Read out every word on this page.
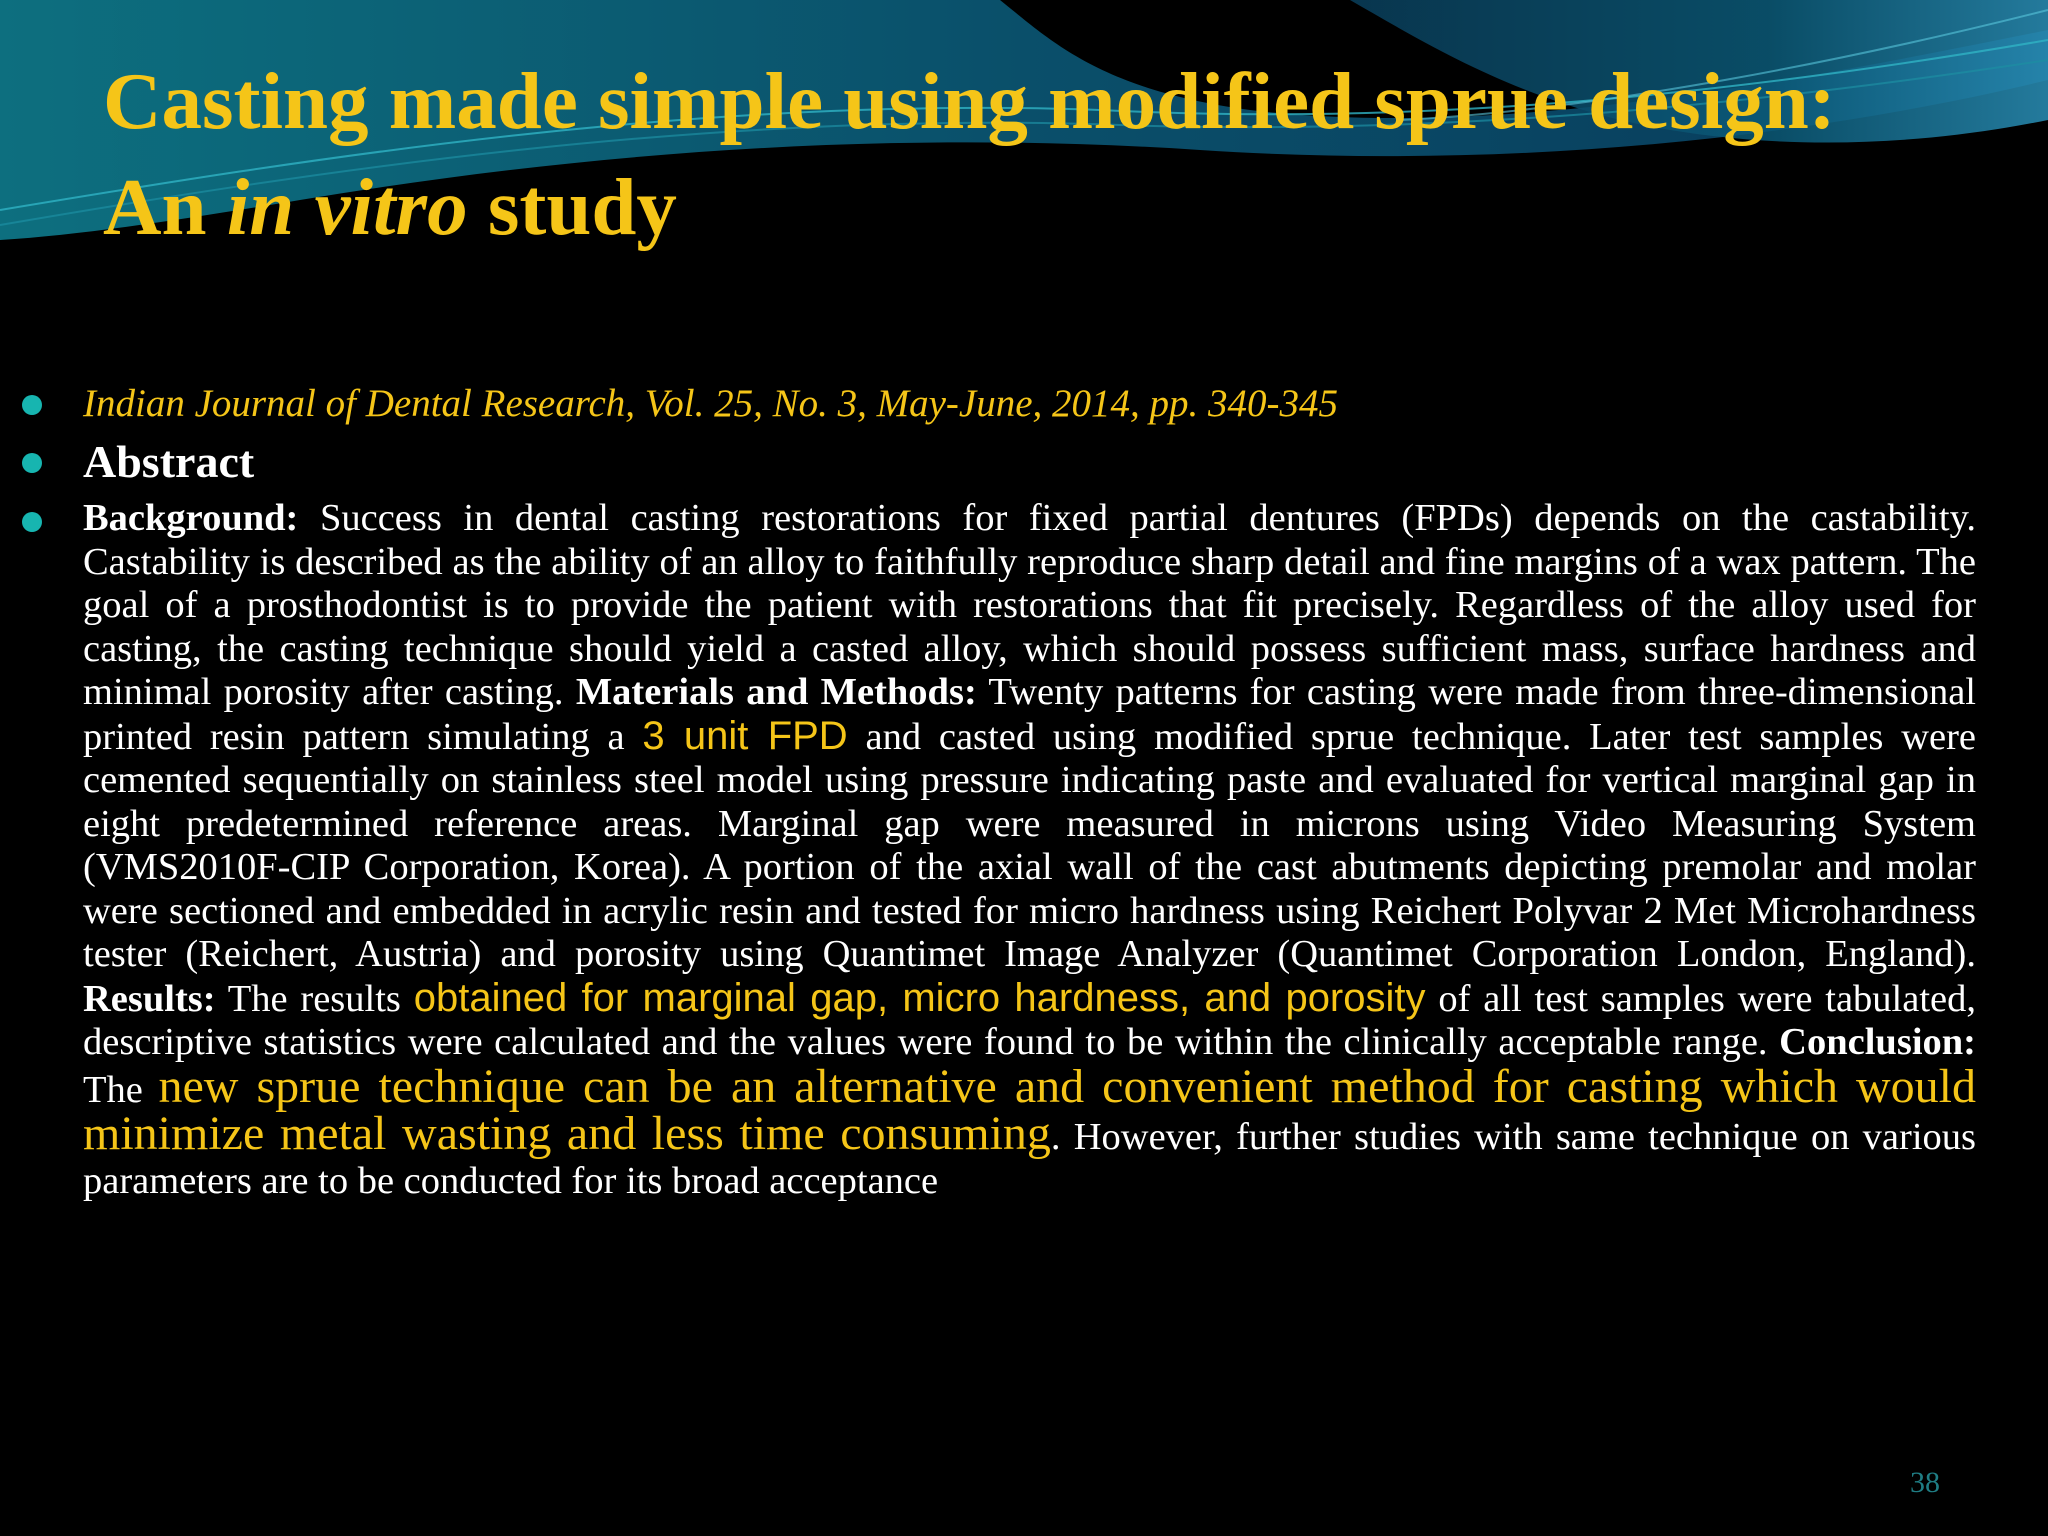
Casting made simple using modified sprue design: An in vitro study
Indian Journal of Dental Research, Vol. 25, No. 3, May-June, 2014, pp. 340-345
Abstract
Background: Success in dental casting restorations for fixed partial dentures (FPDs) depends on the castability. Castability is described as the ability of an alloy to faithfully reproduce sharp detail and fine margins of a wax pattern. The goal of a prosthodontist is to provide the patient with restorations that fit precisely. Regardless of the alloy used for casting, the casting technique should yield a casted alloy, which should possess sufficient mass, surface hardness and minimal porosity after casting. Materials and Methods: Twenty patterns for casting were made from three-dimensional printed resin pattern simulating a 3 unit FPD and casted using modified sprue technique. Later test samples were cemented sequentially on stainless steel model using pressure indicating paste and evaluated for vertical marginal gap in eight predetermined reference areas. Marginal gap were measured in microns using Video Measuring System (VMS2010F-CIP Corporation, Korea). A portion of the axial wall of the cast abutments depicting premolar and molar were sectioned and embedded in acrylic resin and tested for micro hardness using Reichert Polyvar 2 Met Microhardness tester (Reichert, Austria) and porosity using Quantimet Image Analyzer (Quantimet Corporation London, England). Results: The results obtained for marginal gap, micro hardness, and porosity of all test samples were tabulated, descriptive statistics were calculated and the values were found to be within the clinically acceptable range. Conclusion: The new sprue technique can be an alternative and convenient method for casting which would minimize metal wasting and less time consuming. However, further studies with same technique on various parameters are to be conducted for its broad acceptance
38
